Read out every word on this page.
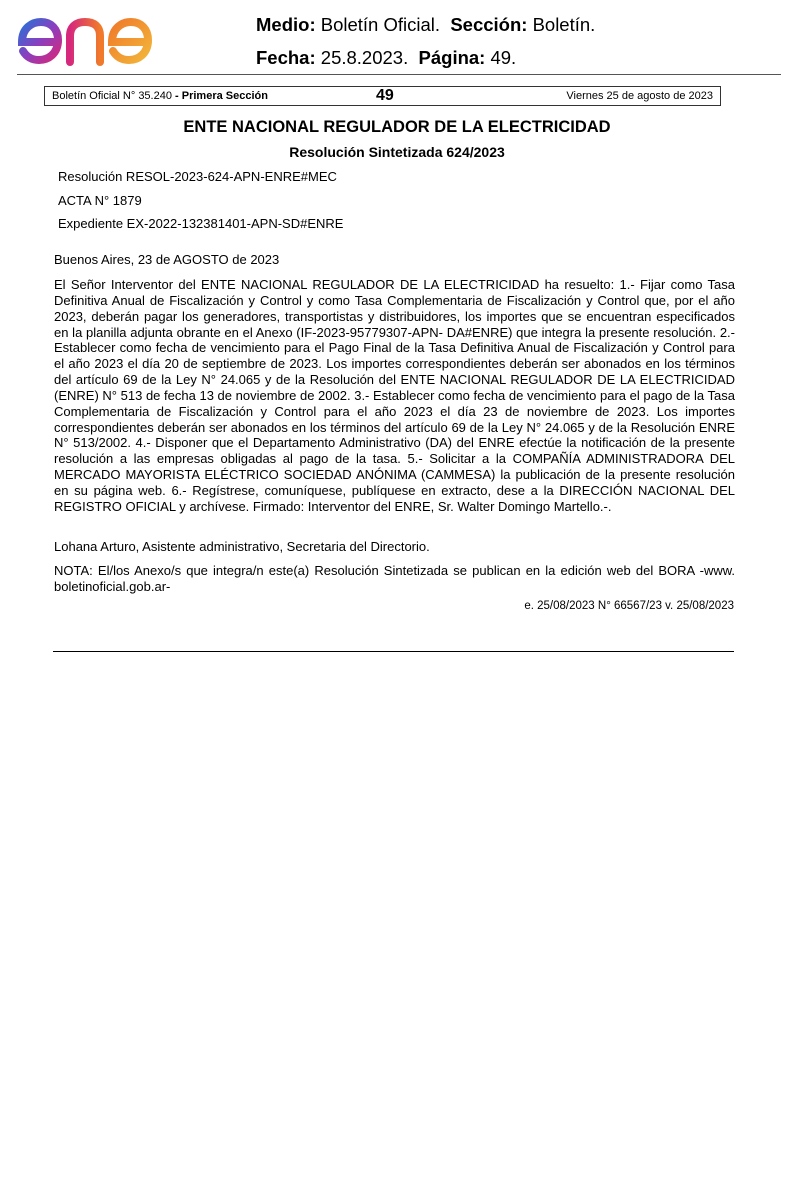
Medio: Boletín Oficial. Sección: Boletín.
Fecha: 25.8.2023. Página: 49.
Boletín Oficial N° 35.240 - Primera Sección	49	Viernes 25 de agosto de 2023
ENTE NACIONAL REGULADOR DE LA ELECTRICIDAD
Resolución Sintetizada 624/2023
Resolución RESOL-2023-624-APN-ENRE#MEC
ACTA N° 1879
Expediente EX-2022-132381401-APN-SD#ENRE
Buenos Aires, 23 de AGOSTO de 2023
El Señor Interventor del ENTE NACIONAL REGULADOR DE LA ELECTRICIDAD ha resuelto: 1.- Fijar como Tasa Definitiva Anual de Fiscalización y Control y como Tasa Complementaria de Fiscalización y Control que, por el año 2023, deberán pagar los generadores, transportistas y distribuidores, los importes que se encuentran especificados en la planilla adjunta obrante en el Anexo (IF-2023-95779307-APN- DA#ENRE) que integra la presente resolución. 2.- Establecer como fecha de vencimiento para el Pago Final de la Tasa Definitiva Anual de Fiscalización y Control para el año 2023 el día 20 de septiembre de 2023. Los importes correspondientes deberán ser abonados en los términos del artículo 69 de la Ley N° 24.065 y de la Resolución del ENTE NACIONAL REGULADOR DE LA ELECTRICIDAD (ENRE) N° 513 de fecha 13 de noviembre de 2002. 3.- Establecer como fecha de vencimiento para el pago de la Tasa Complementaria de Fiscalización y Control para el año 2023 el día 23 de noviembre de 2023. Los importes correspondientes deberán ser abonados en los términos del artículo 69 de la Ley N° 24.065 y de la Resolución ENRE N° 513/2002. 4.- Disponer que el Departamento Administrativo (DA) del ENRE efectúe la notificación de la presente resolución a las empresas obligadas al pago de la tasa. 5.- Solicitar a la COMPAÑÍA ADMINISTRADORA DEL MERCADO MAYORISTA ELÉCTRICO SOCIEDAD ANÓNIMA (CAMMESA) la publicación de la presente resolución en su página web. 6.- Regístrese, comuníquese, publíquese en extracto, dese a la DIRECCIÓN NACIONAL DEL REGISTRO OFICIAL y archívese. Firmado: Interventor del ENRE, Sr. Walter Domingo Martello.-.
Lohana Arturo, Asistente administrativo, Secretaria del Directorio.
NOTA: El/los Anexo/s que integra/n este(a) Resolución Sintetizada se publican en la edición web del BORA -www. boletinoficial.gob.ar-
e. 25/08/2023 N° 66567/23 v. 25/08/2023
